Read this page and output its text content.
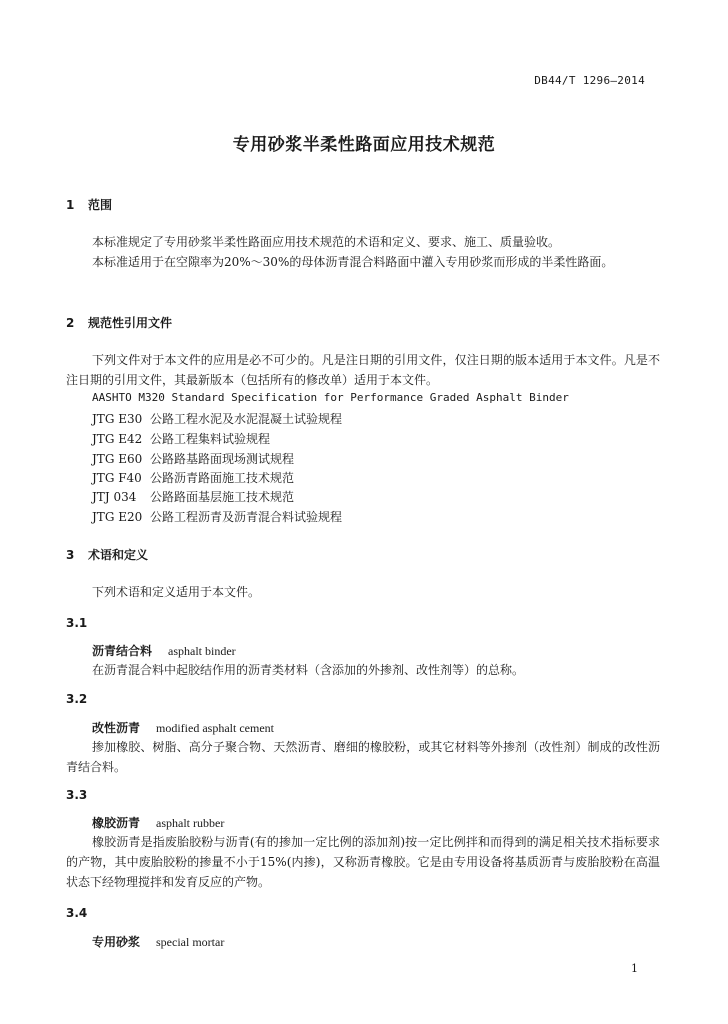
DB44/T 1296—2014
专用砂浆半柔性路面应用技术规范
1 范围

本标准规定了专用砂浆半柔性路面应用技术规范的术语和定义、要求、施工、质量验收。

本标准适用于在空隙率为20%～30%的母体沥青混合料路面中灌入专用砂浆而形成的半柔性路面。

2 规范性引用文件

下列文件对于本文件的应用是必不可少的。凡是注日期的引用文件，仅注日期的版本适用于本文件。凡是不注日期的引用文件，其最新版本（包括所有的修改单）适用于本文件。

AASHTO M320 Standard Specification for Performance Graded Asphalt Binder
JTG E30 公路工程水泥及水泥混凝土试验规程
JTG E42 公路工程集料试验规程
JTG E60 公路路基路面现场测试规程
JTG F40 公路沥青路面施工技术规范
JTJ 034 公路路面基层施工技术规范
JTG E20 公路工程沥青及沥青混合料试验规程
3 术语和定义

下列术语和定义适用于本文件。

3.1
沥青结合料 asphalt binder

在沥青混合料中起胶结作用的沥青类材料（含添加的外掺剂、改性剂等）的总称。

3.2
改性沥青 modified asphalt cement

掺加橡胶、树脂、高分子聚合物、天然沥青、磨细的橡胶粉，或其它材料等外掺剂（改性剂）制成的改性沥青结合料。

3.3
橡胶沥青 asphalt rubber

橡胶沥青是指废胎胶粉与沥青(有的掺加一定比例的添加剂)按一定比例拌和而得到的满足相关技术指标要求的产物，其中废胎胶粉的掺量不小于15%(内掺)，又称沥青橡胶。它是由专用设备将基质沥青与废胎胶粉在高温状态下经物理搅拌和发育反应的产物。

3.4
专用砂浆 special mortar
1
